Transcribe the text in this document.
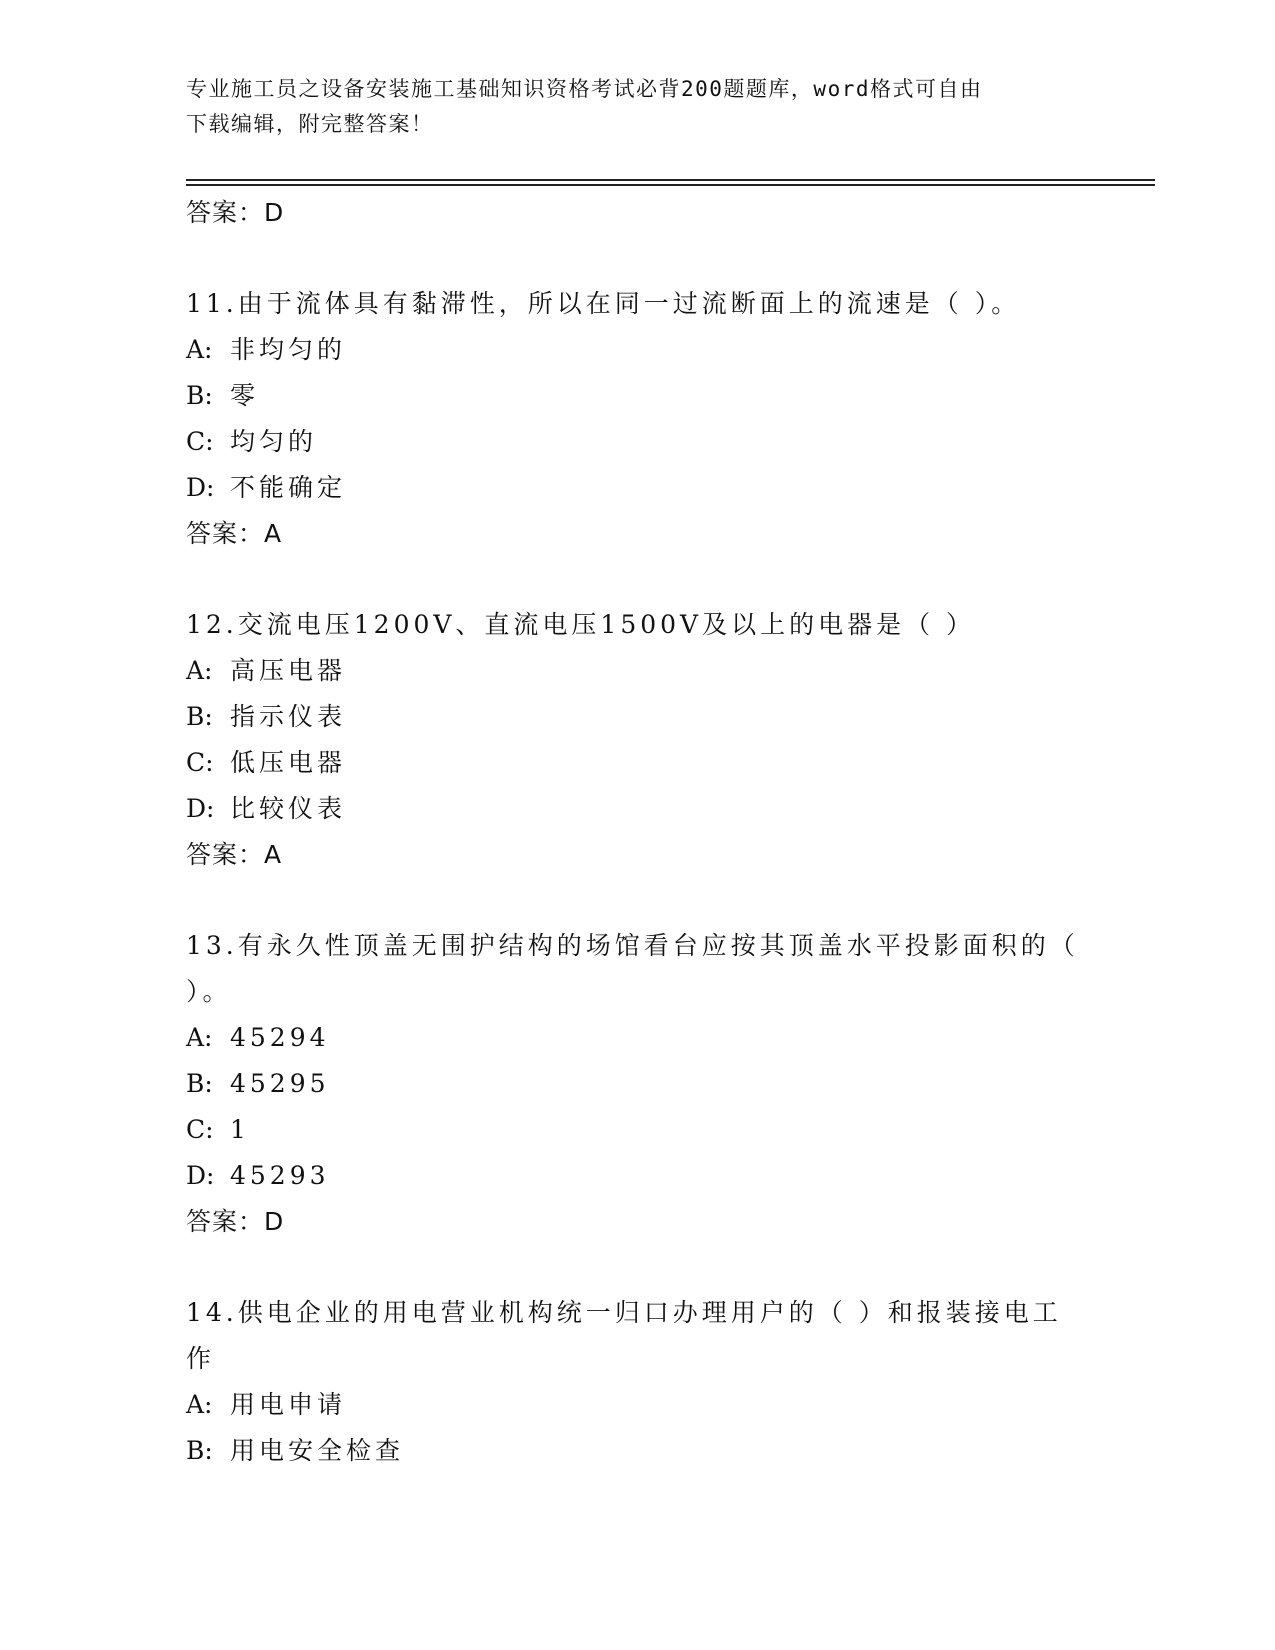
专业施工员之设备安装施工基础知识资格考试必背200题题库，word格式可自由
下载编辑，附完整答案！
答案：D
11.由于流体具有黏滞性，所以在同一过流断面上的流速是（ ）。
A: 非均匀的
B: 零
C: 均匀的
D: 不能确定
答案：A
12.交流电压1200V、直流电压1500V及以上的电器是（ ）
A: 高压电器
B: 指示仪表
C: 低压电器
D: 比较仪表
答案：A
13.有永久性顶盖无围护结构的场馆看台应按其顶盖水平投影面积的（
）。
A: 45294
B: 45295
C: 1
D: 45293
答案：D
14.供电企业的用电营业机构统一归口办理用户的（ ）和报装接电工
作
A: 用电申请
B: 用电安全检查
